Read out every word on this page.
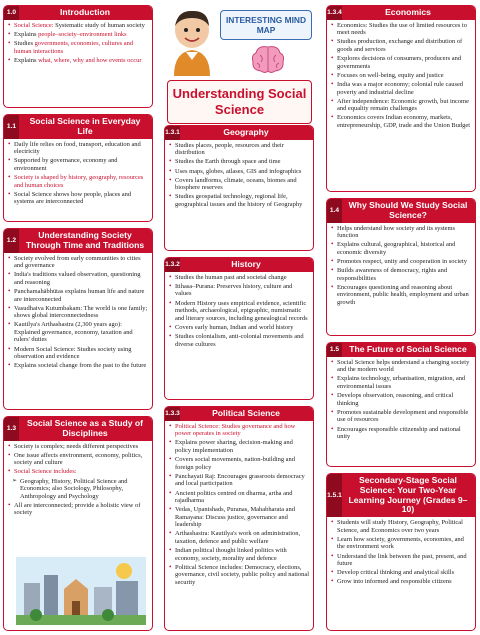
INTERESTING MIND MAP
Understanding Social Science
1.0	Introduction
• Social Science: Systematic study of human society
• Explains people–society–environment links
• Studies governments, economies, cultures and human interactions
• Explains what, where, why and how events occur
1.1
Social Science in Everyday Life
• Daily life relies on food, transport, education and electricity
• Supported by governance, economy and environment
• Society is shaped by history, geography, resources and human choices
• Social Science shows how people, places and systems are interconnected
1.2
Understanding Society Through Time and Traditions
• Society evolved from early communities to cities and governance
• India's traditions valued observation, questioning and reasoning
• Panchamahābhūtas explains human life and nature are interconnected
• Vasudhaiva Kutumbakam: The world is one family; shows global interconnectedness
• Kautilya's Arthashastra (2,300 years ago): Explained governance, economy, taxation and rulers' duties
• Modern Social Science: Studies society using observation and evidence
• Explains societal change from the past to the future
1.3
Social Science as a Study of Disciplines
• Society is complex; needs different perspectives
• One issue affects environment, economy, politics, society and culture
• Social Science includes:
➢ Geography, History, Political Science and Economics; also Sociology, Philosophy, Anthropology and Psychology
• All are interconnected; provide a holistic view of society
1.3.1	Geography
• Studies places, people, resources and their distribution
• Studies the Earth through space and time
• Uses maps, globes, atlases, GIS and infographics
• Covers landforms, climate, oceans, biomes and biosphere reserves
• Studies geospatial technology, regional life, geographical issues and the history of Geography
1.3.2	History
• Studies the human past and societal change
• Itihasa–Purana: Preserves history, culture and values
• Modern History uses empirical evidence, scientific methods, archaeological, epigraphic, numismatic and literary sources, including genealogical records
• Covers early human, Indian and world history
• Studies colonialism, anti-colonial movements and diverse cultures
1.3.3	Political Science
• Political Science: Studies governance and how power operates in society
• Explains power sharing, decision-making and policy implementation
• Covers social movements, nation-building and foreign policy
• Panchayati Raj: Encourages grassroots democracy and local participation
• Ancient politics centred on dharma, artha and rajadharma
• Vedas, Upanishads, Puranas, Mahabharata and Ramayana: Discuss justice, governance and leadership
• Arthashastra: Kautilya's work on administration, taxation, defence and public welfare
• Indian political thought linked politics with economy, society, morality and defence
• Political Science includes: Democracy, elections, governance, civil society, public policy and national security
1.3.4	Economics
• Economics: Studies the use of limited resources to meet needs
• Studies production, exchange and distribution of goods and services
• Explores decisions of consumers, producers and governments
• Focuses on well-being, equity and justice
• India was a major economy; colonial rule caused poverty and industrial decline
• After independence: Economic growth, but income and equality remain challenges
• Economics covers Indian economy, markets, entrepreneurship, GDP, trade and the Union Budget
1.4
Why Should We Study Social Science?
• Helps understand how society and its systems function
• Explains cultural, geographical, historical and economic diversity
• Promotes respect, unity and cooperation in society
• Builds awareness of democracy, rights and responsibilities
• Encourages questioning and reasoning about environment, public health, employment and urban growth
1.5	The Future of Social Science
• Social Science helps understand a changing society and the modern world
• Explains technology, urbanisation, migration, and environmental issues
• Develops observation, reasoning, and critical thinking
• Promotes sustainable development and responsible use of resources
• Encourages responsible citizenship and national unity
1.5.1
Secondary-Stage Social Science: Your Two-Year Learning Journey (Grades 9–10)
• Students will study History, Geography, Political Science, and Economics over two years
• Learn how society, governments, economies, and the environment work
• Understand the link between the past, present, and future
• Develop critical thinking and analytical skills
• Grow into informed and responsible citizens
